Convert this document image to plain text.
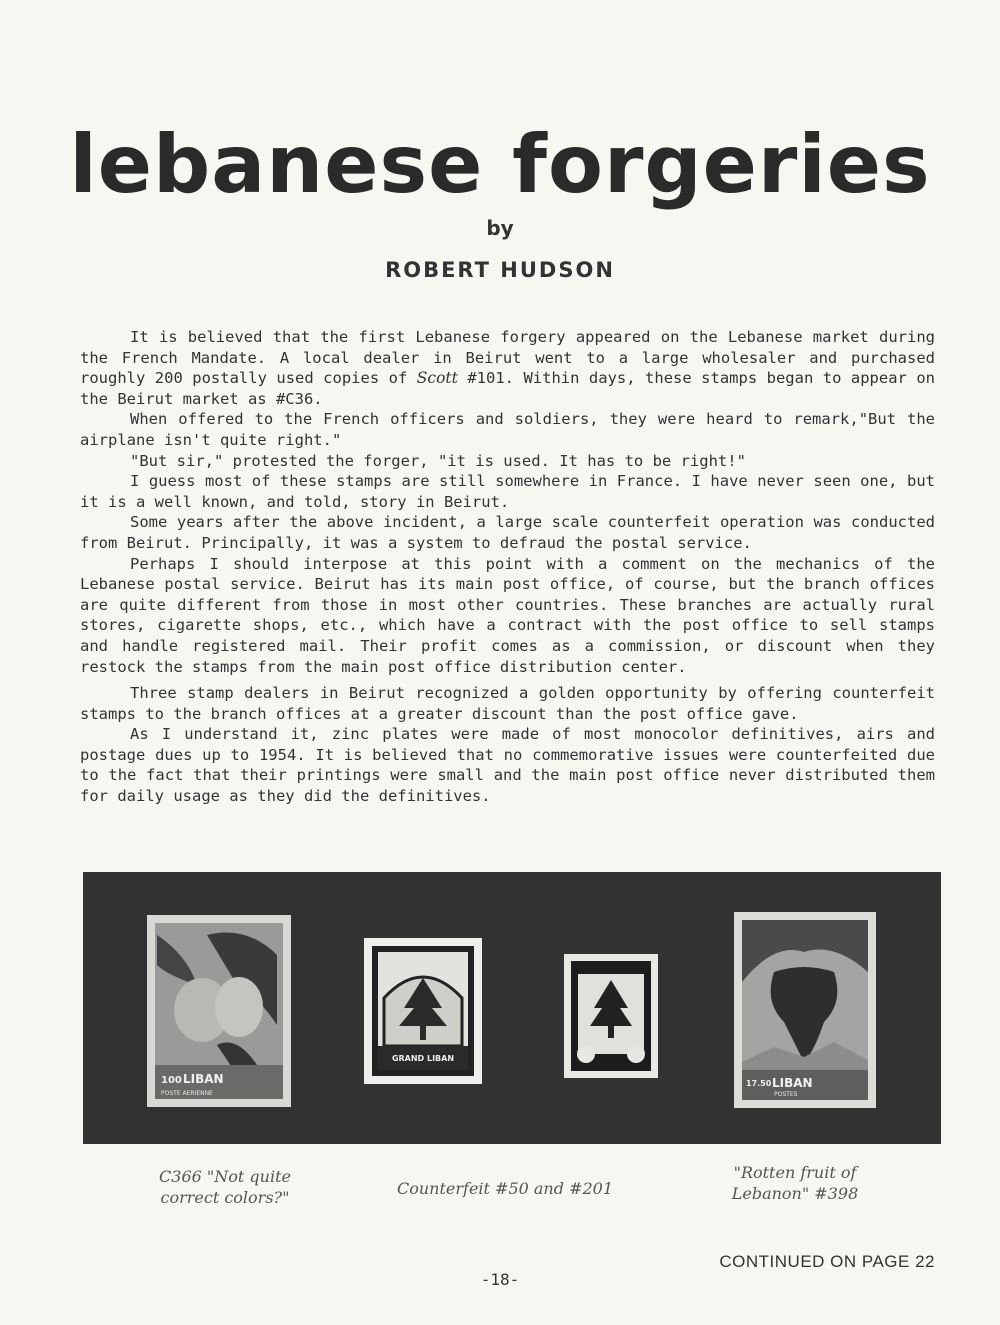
lebanese forgeries
by
ROBERT HUDSON

It is believed that the first Lebanese forgery appeared on the Lebanese market during the French Mandate. A local dealer in Beirut went to a large wholesaler and purchased roughly 200 postally used copies of Scott #101. Within days, these stamps began to appear on the Beirut market as #C36.

When offered to the French officers and soldiers, they were heard to remark,"But the airplane isn't quite right."

"But sir," protested the forger, "it is used. It has to be right!"

I guess most of these stamps are still somewhere in France. I have never seen one, but it is a well known, and told, story in Beirut.

Some years after the above incident, a large scale counterfeit operation was conducted from Beirut. Principally, it was a system to defraud the postal service.

Perhaps I should interpose at this point with a comment on the mechanics of the Lebanese postal service. Beirut has its main post office, of course, but the branch offices are quite different from those in most other countries. These branches are actually rural stores, cigarette shops, etc., which have a contract with the post office to sell stamps and handle registered mail. Their profit comes as a commission, or discount when they restock the stamps from the main post office distribution center.

Three stamp dealers in Beirut recognized a golden opportunity by offering counterfeit stamps to the branch offices at a greater discount than the post office gave.

As I understand it, zinc plates were made of most monocolor definitives, airs and postage dues up to 1954. It is believed that no commemorative issues were counterfeited due to the fact that their printings were small and the main post office never distributed them for daily usage as they did the definitives.

100 LIBAN
POSTE AERIENNE
GRAND LIBAN
17.50 LIBAN
POSTES
C366 "Not quite
correct colors?"	Counterfeit #50 and #201
"Rotten fruit of
Lebanon" #398
CONTINUED ON PAGE 22
-18-
